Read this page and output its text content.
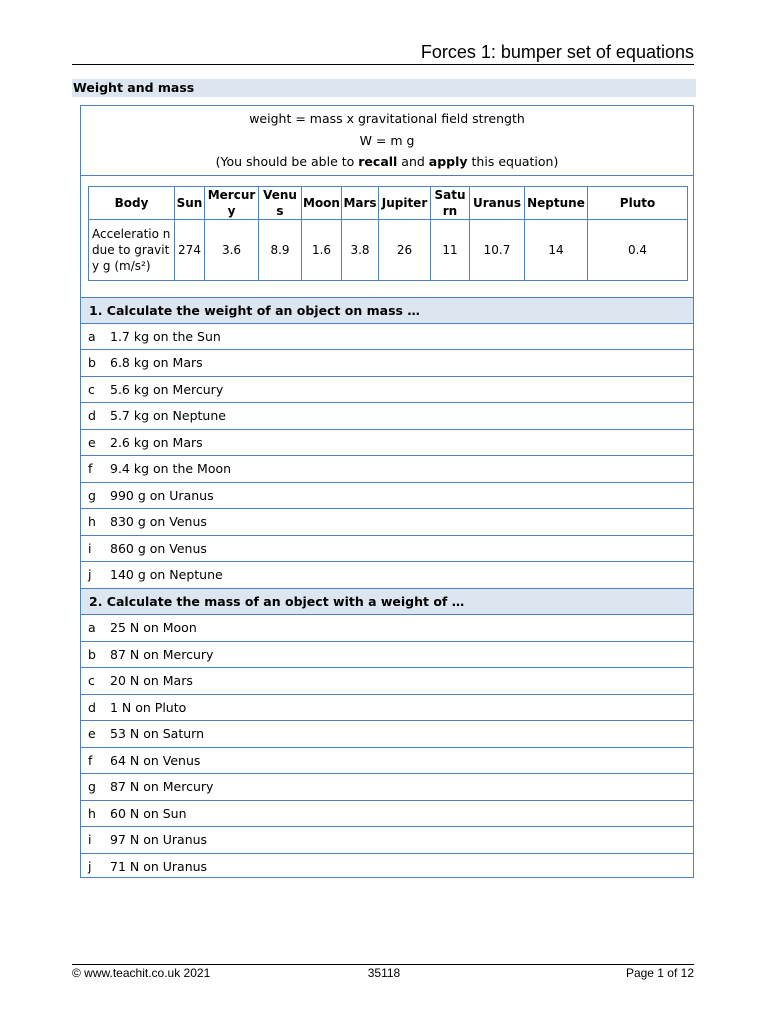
Forces 1: bumper set of equations
Weight and mass
weight = mass x gravitational field strength
W = m g
(You should be able to recall and apply this equation)
Body	Sun	Mercury	Venus	Moon	Mars	Jupiter	Saturn	Uranus	Neptune	Pluto
Acceleratio n due to gravity g (m/s²)	274	3.6	8.9	1.6	3.8	26	11	10.7	14	0.4
1. Calculate the weight of an object on mass …
a	1.7 kg on the Sun
b	6.8 kg on Mars
c	5.6 kg on Mercury
d	5.7 kg on Neptune
e	2.6 kg on Mars
f	9.4 kg on the Moon
g	990 g on Uranus
h	830 g on Venus
i	860 g on Venus
j	140 g on Neptune
2. Calculate the mass of an object with a weight of …
a	25 N on Moon
b	87 N on Mercury
c	20 N on Mars
d	1 N on Pluto
e	53 N on Saturn
f	64 N on Venus
g	87 N on Mercury
h	60 N on Sun
i	97 N on Uranus
j	71 N on Uranus
© www.teachit.co.uk 2021	35118	Page 1 of 12
